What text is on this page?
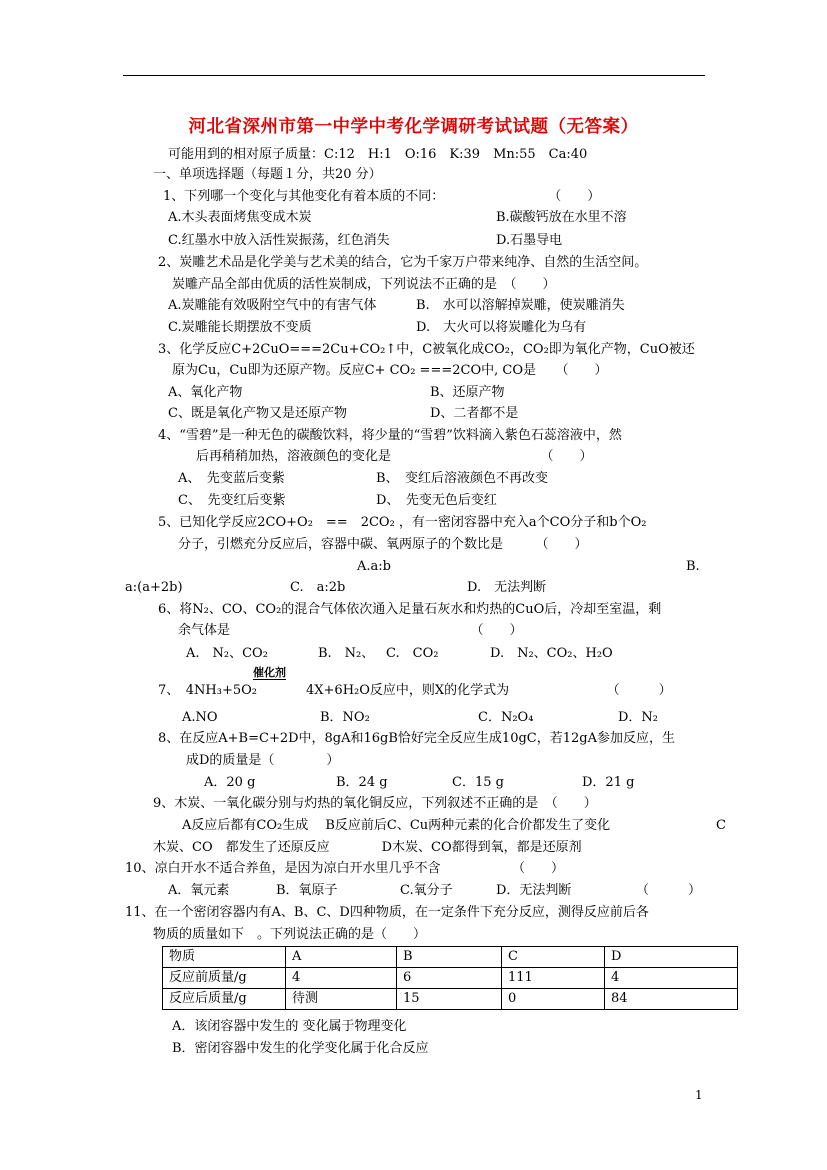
河北省深州市第一中学中考化学调研考试试题（无答案）
可能用到的相对原子质量：C:12　H:1　O:16　K:39　Mn:55　Ca:40
一、单项选择题（每题１分，共20 分）
1、下列哪一个变化与其他变化有着本质的不同：　　　　　　　　　（　　）
A.木头表面烤焦变成木炭	B.碳酸钙放在水里不溶
C.红墨水中放入活性炭振荡，红色消失	D.石墨导电
2、炭雕艺术品是化学美与艺术美的结合，它为千家万户带来纯净、自然的生活空间。
炭雕产品全部由优质的活性炭制成，下列说法不正确的是　（　　）
A.炭雕能有效吸附空气中的有害气体	B.　水可以溶解掉炭雕，使炭雕消失
C.炭雕能长期摆放不变质	D.　大火可以将炭雕化为乌有
3、化学反应C+2CuO===2Cu+CO₂↑中，C被氧化成CO₂，CO₂即为氧化产物，CuO被还
原为Cu，Cu即为还原产物。反应C+ CO₂ ===2CO中, CO是　　（　　）
A、氧化产物	B、还原产物
C、既是氧化产物又是还原产物	D、二者都不是
4、“雪碧”是一种无色的碳酸饮料，将少量的“雪碧”饮料滴入紫色石蕊溶液中，然
后再稍稍加热，溶液颜色的变化是　　　　　　　　　　　　（　　）
A、　先变蓝后变紫	B、　变红后溶液颜色不再改变
C、　先变红后变紫	D、　先变无色后变红
5、已知化学反应2CO+O₂　==　2CO₂ ，有一密闭容器中充入a个CO分子和b个O₂
分子，引燃充分反应后，容器中碳、氧两原子的个数比是　　　（　　）
A.a:b	B.
a:(a+2b)	C.　a:2b	D.　无法判断
6、将N₂、CO、CO₂的混合气体依次通入足量石灰水和灼热的CuO后，冷却至室温，剩
余气体是　　　　　　　　　　　　　　　　　　　（　　）
A.　N₂、CO₂	B.　N₂、 C.　CO₂	D.　N₂、CO₂、H₂O
7、　4NH₃+5O₂
催化剂
4X+6H₂O反应中，则X的化学式为　　　　　　　　（　　　）
A.NO	B．NO₂	C．N₂O₄	D．N₂
8、在反应A+B=C+2D中，8gA和16gB恰好完全反应生成10gC，若12gA参加反应，生
成D的质量是（　　　　）
A．20 g	B．24 g	C．15 g	D．21 g
9、木炭、一氧化碳分别与灼热的氧化铜反应，下列叙述不正确的是　（　　）
A反应后都有CO₂生成　 B反应前后C、Cu两种元素的化合价都发生了变化	C
木炭、CO　都发生了还原反应　　　　D木炭、CO都得到氧，都是还原剂
10、凉白开水不适合养鱼，是因为凉白开水里几乎不含　　　　　　（　　）
A．氧元素	B．氧原子	C.氧分子	D．无法判断	（　　　）
11、在一个密闭容器内有A、B、C、D四种物质，在一定条件下充分反应，测得反应前后各
物质的质量如下　。下列说法正确的是（　　）
物质	A	B	C	D
反应前质量/g	4	6	111	4
反应后质量/g	待测	15	0	84
A．该闭容器中发生的 变化属于物理变化
B．密闭容器中发生的化学变化属于化合反应
1
